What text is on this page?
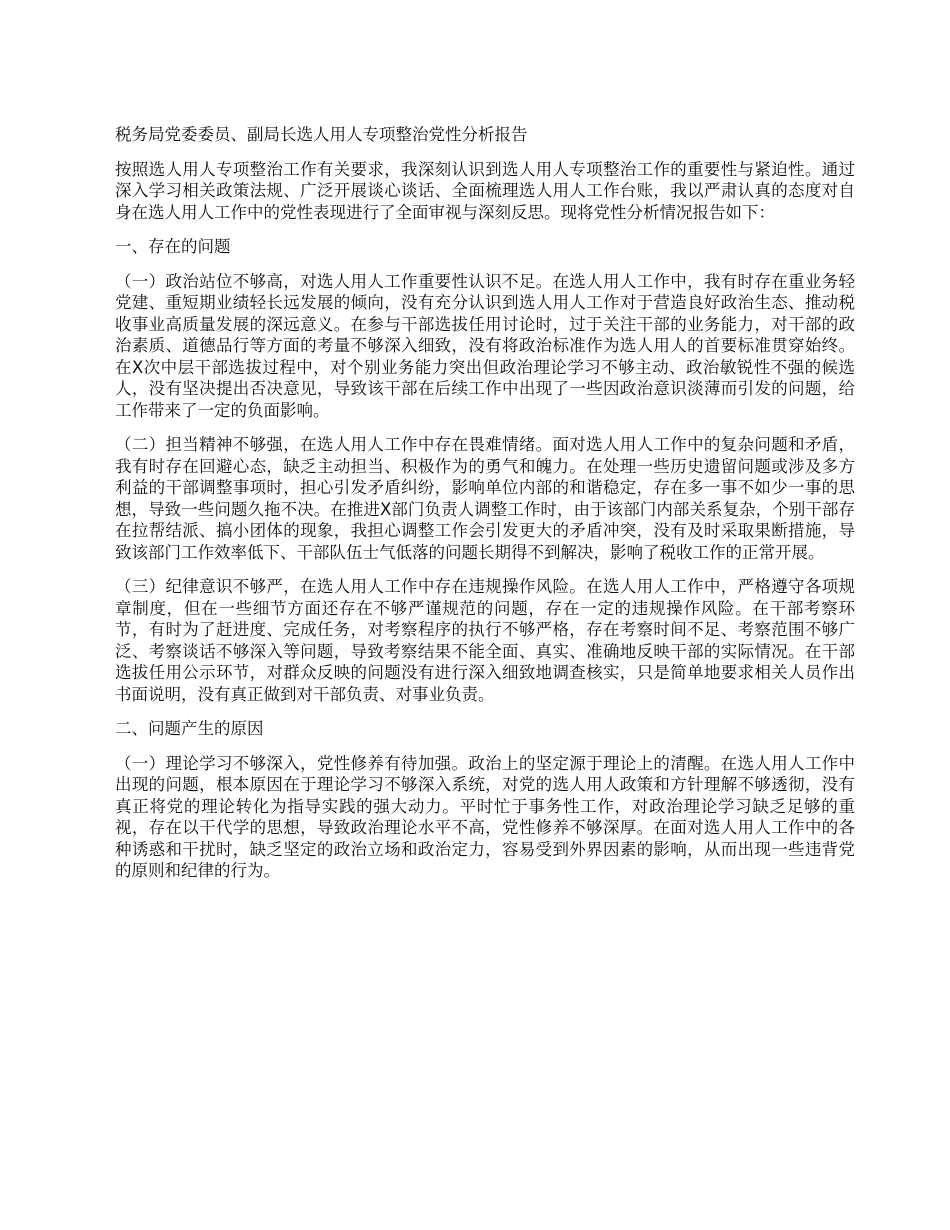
税务局党委委员、副局长选人用人专项整治党性分析报告
按照选人用人专项整治工作有关要求，我深刻认识到选人用人专项整治工作的重要性与紧迫性。通过深入学习相关政策法规、广泛开展谈心谈话、全面梳理选人用人工作台账，我以严肃认真的态度对自身在选人用人工作中的党性表现进行了全面审视与深刻反思。现将党性分析情况报告如下：
一、存在的问题
（一）政治站位不够高，对选人用人工作重要性认识不足。在选人用人工作中，我有时存在重业务轻党建、重短期业绩轻长远发展的倾向，没有充分认识到选人用人工作对于营造良好政治生态、推动税收事业高质量发展的深远意义。在参与干部选拔任用讨论时，过于关注干部的业务能力，对干部的政治素质、道德品行等方面的考量不够深入细致，没有将政治标准作为选人用人的首要标准贯穿始终。在X次中层干部选拔过程中，对个别业务能力突出但政治理论学习不够主动、政治敏锐性不强的候选人，没有坚决提出否决意见，导致该干部在后续工作中出现了一些因政治意识淡薄而引发的问题，给工作带来了一定的负面影响。
（二）担当精神不够强，在选人用人工作中存在畏难情绪。面对选人用人工作中的复杂问题和矛盾，我有时存在回避心态，缺乏主动担当、积极作为的勇气和魄力。在处理一些历史遗留问题或涉及多方利益的干部调整事项时，担心引发矛盾纠纷，影响单位内部的和谐稳定，存在多一事不如少一事的思想，导致一些问题久拖不决。在推进X部门负责人调整工作时，由于该部门内部关系复杂，个别干部存在拉帮结派、搞小团体的现象，我担心调整工作会引发更大的矛盾冲突，没有及时采取果断措施，导致该部门工作效率低下、干部队伍士气低落的问题长期得不到解决，影响了税收工作的正常开展。
（三）纪律意识不够严，在选人用人工作中存在违规操作风险。在选人用人工作中，严格遵守各项规章制度，但在一些细节方面还存在不够严谨规范的问题，存在一定的违规操作风险。在干部考察环节，有时为了赶进度、完成任务，对考察程序的执行不够严格，存在考察时间不足、考察范围不够广泛、考察谈话不够深入等问题，导致考察结果不能全面、真实、准确地反映干部的实际情况。在干部选拔任用公示环节，对群众反映的问题没有进行深入细致地调查核实，只是简单地要求相关人员作出书面说明，没有真正做到对干部负责、对事业负责。
二、问题产生的原因
（一）理论学习不够深入，党性修养有待加强。政治上的坚定源于理论上的清醒。在选人用人工作中出现的问题，根本原因在于理论学习不够深入系统，对党的选人用人政策和方针理解不够透彻，没有真正将党的理论转化为指导实践的强大动力。平时忙于事务性工作，对政治理论学习缺乏足够的重视，存在以干代学的思想，导致政治理论水平不高，党性修养不够深厚。在面对选人用人工作中的各种诱惑和干扰时，缺乏坚定的政治立场和政治定力，容易受到外界因素的影响，从而出现一些违背党的原则和纪律的行为。
